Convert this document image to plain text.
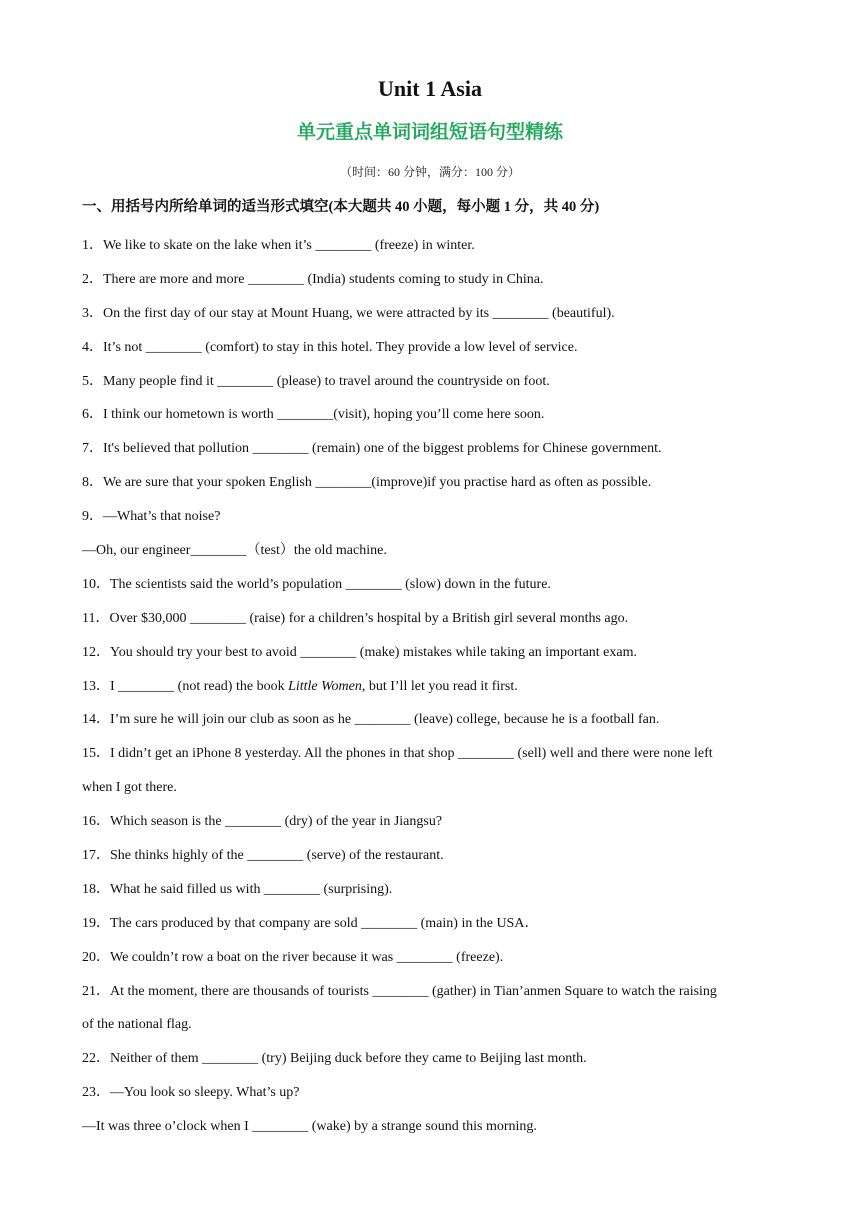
Unit 1 Asia
单元重点单词词组短语句型精练
（时间：60 分钟，满分：100 分）
一、用括号内所给单词的适当形式填空(本大题共 40 小题，每小题 1 分，共 40 分)
1．We like to skate on the lake when it’s ________ (freeze) in winter.
2．There are more and more ________ (India) students coming to study in China.
3．On the first day of our stay at Mount Huang, we were attracted by its ________ (beautiful).
4．It’s not ________ (comfort) to stay in this hotel. They provide a low level of service.
5．Many people find it ________ (please) to travel around the countryside on foot.
6．I think our hometown is worth ________(visit), hoping you’ll come here soon.
7．It's believed that pollution ________ (remain) one of the biggest problems for Chinese government.
8．We are sure that your spoken English ________(improve)if you practise hard as often as possible.
9．—What’s that noise?
—Oh, our engineer________（test）the old machine.
10．The scientists said the world’s population ________ (slow) down in the future.
11．Over $30,000 ________ (raise) for a children’s hospital by a British girl several months ago.
12．You should try your best to avoid ________ (make) mistakes while taking an important exam.
13．I ________ (not read) the book Little Women, but I’ll let you read it first.
14．I’m sure he will join our club as soon as he ________ (leave) college, because he is a football fan.
15．I didn’t get an iPhone 8 yesterday. All the phones in that shop ________ (sell) well and there were none left
when I got there.
16．Which season is the ________ (dry) of the year in Jiangsu?
17．She thinks highly of the ________ (serve) of the restaurant.
18．What he said filled us with ________ (surprising).
19．The cars produced by that company are sold ________ (main) in the USA．
20．We couldn’t row a boat on the river because it was ________ (freeze).
21．At the moment, there are thousands of tourists ________ (gather) in Tian’anmen Square to watch the raising
of the national flag.
22．Neither of them ________ (try) Beijing duck before they came to Beijing last month.
23．—You look so sleepy. What’s up?
—It was three o’clock when I ________ (wake) by a strange sound this morning.
